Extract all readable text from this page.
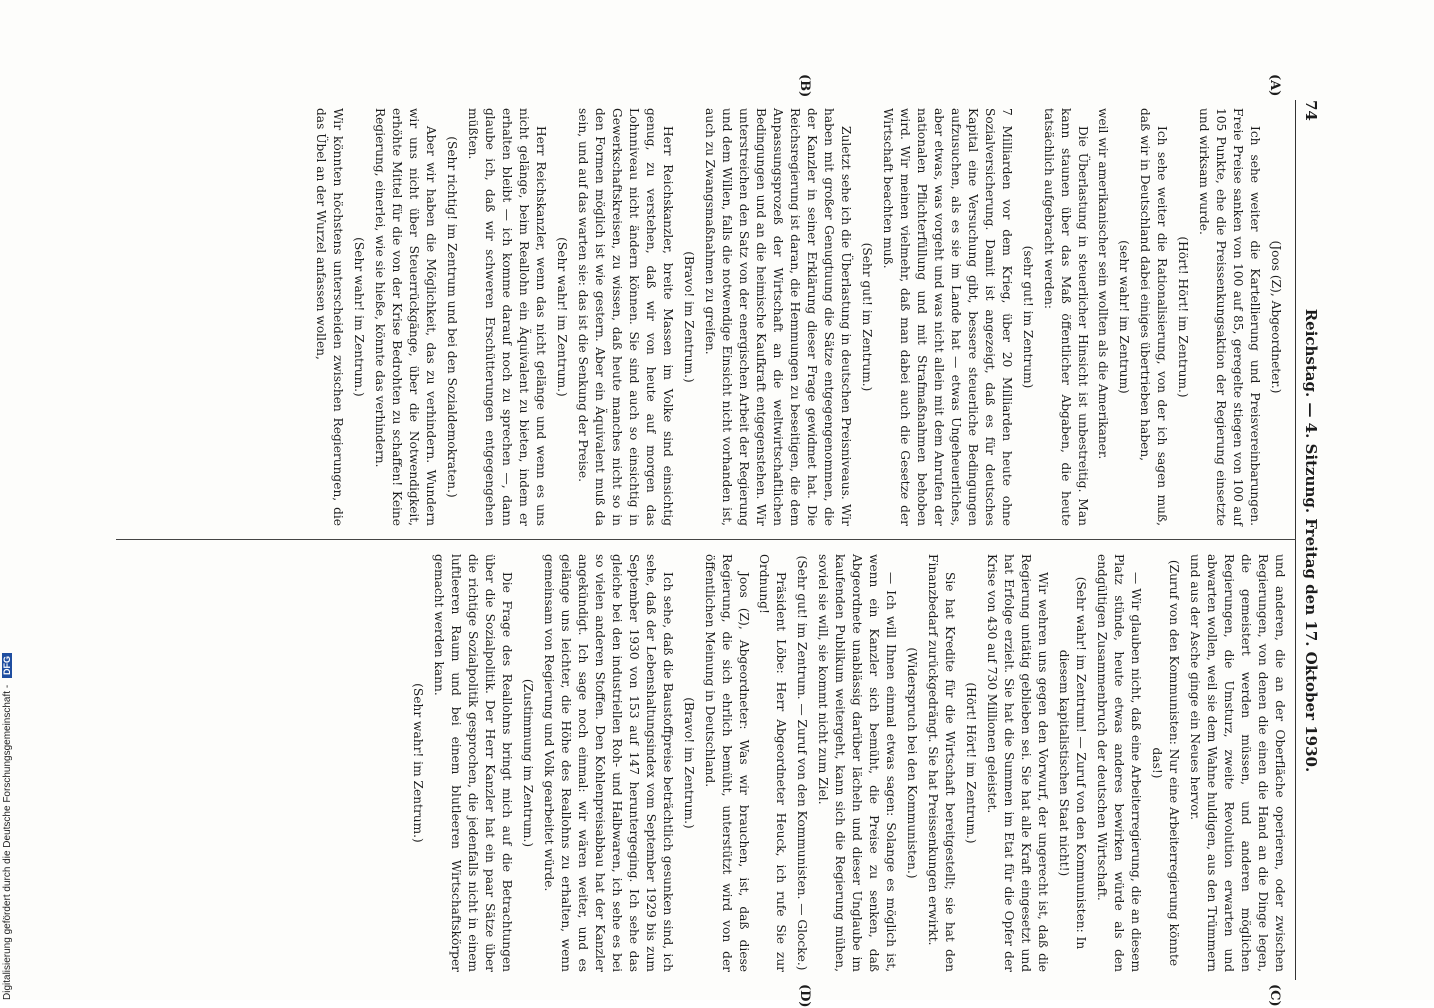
74
Reichstag. — 4. Sitzung. Freitag den 17. Oktober 1930.
(A)
(B)
(C)
(D)

(Joos (Z), Abgeordneter.)

Ich sehe weiter die Kartellierung und Preisvereinbarungen. Freie Preise sanken von 100 auf 85, geregelte stiegen von 100 auf 105 Punkte, ehe die Preissenkungsaktion der Regierung einsetzte und wirksam wurde.

(Hört! Hört! im Zentrum.)

Ich sehe weiter die Rationalisierung, von der ich sagen muß, daß wir in Deutschland dabei einiges übertrieben haben,

(sehr wahr! im Zentrum)

weil wir amerikanischer sein wollten als die Amerikaner.

Die Überlastung in steuerlicher Hinsicht ist unbestreitig. Man kann staunen über das Maß öffentlicher Abgaben, die heute tatsächlich aufgebracht werden:

(sehr gut! im Zentrum)

7 Milliarden vor dem Krieg, über 20 Milliarden heute ohne Sozialversicherung. Damit ist angezeigt, daß es für deutsches Kapital eine Versuchung gibt, bessere steuerliche Bedingungen aufzusuchen, als es sie im Lande hat — etwas Ungeheuerliches, aber etwas, was vorgeht und was nicht allein mit dem Anrufen der nationalen Pflichterfüllung und mit Strafmaßnahmen behoben wird. Wir meinen vielmehr, daß man dabei auch die Gesetze der Wirtschaft beachten muß.

(Sehr gut! im Zentrum.)

Zuletzt sehe ich die Überlastung in deutschen Preisniveaus. Wir haben mit großer Genugtuung die Sätze entgegengenommen, die der Kanzler in seiner Erklärung dieser Frage gewidmet hat. Die Reichsregierung ist daran, die Hemmungen zu beseitigen, die dem Anpassungsprozeß der Wirtschaft an die weltwirtschaftlichen Bedingungen und an die heimische Kaufkraft entgegenstehen. Wir unterstreichen den Satz von der energischen Arbeit der Regierung und dem Willen, falls die notwendige Einsicht nicht vorhanden ist, auch zu Zwangsmaßnahmen zu greifen.

(Bravo! im Zentrum.)

Herr Reichskanzler, breite Massen im Volke sind einsichtig genug, zu verstehen, daß wir von heute auf morgen das Lohnniveau nicht ändern können. Sie sind auch so einsichtig in Gewerkschaftskreisen, zu wissen, daß heute manches nicht so in den Formen möglich ist wie gestern. Aber ein Äquivalent muß da sein, und auf das warten sie: das ist die Senkung der Preise.

(Sehr wahr! im Zentrum.)

Herr Reichskanzler, wenn das nicht gelänge und wenn es uns nicht gelänge, beim Reallohn ein Äquivalent zu bieten, indem er erhalten bleibt — ich komme darauf noch zu sprechen —, dann glaube ich, daß wir schweren Erschütterungen entgegengehen müßten.

(Sehr richtig! im Zentrum und bei den Sozialdemokraten.)

Aber wir haben die Möglichkeit, das zu verhindern. Wundern wir uns nicht über Steuerrückgänge, über die Notwendigkeit, erhöhte Mittel für die von der Krise Bedrohten zu schaffen! Keine Regierung, einerlei, wie sie hieße, könnte das verhindern.

(Sehr wahr! im Zentrum.)

Wir könnten höchstens unterscheiden zwischen Regierungen, die das Übel an der Wurzel anfassen wollen,

und anderen, die an der Oberfläche operieren, oder zwischen Regierungen, von denen die einen die Hand an die Dinge legen, die gemeistert werden müssen, und anderen möglichen Regierungen, die Umsturz, zweite Revolution erwarten und abwarten wollen, weil sie dem Wahne huldigen, aus den Trümmern und aus der Asche ginge ein Neues hervor.

(Zuruf von den Kommunisten: Nur eine Arbeiterregierung könnte das!)

— Wir glauben nicht, daß eine Arbeiterregierung, die an diesem Platz stünde, heute etwas anderes bewirken würde als den endgültigen Zusammenbruch der deutschen Wirtschaft.

(Sehr wahr! im Zentrum! — Zuruf von den Kommunisten: In diesem kapitalistischen Staat nicht!)

Wir wehren uns gegen den Vorwurf, der ungerecht ist, daß die Regierung untätig geblieben sei. Sie hat alle Kraft eingesetzt und hat Erfolge erzielt. Sie hat die Summen im Etat für die Opfer der Krise von 430 auf 730 Millionen geleistet.

(Hört! Hört! im Zentrum.)

Sie hat Kredite für die Wirtschaft bereitgestellt; sie hat den Finanzbedarf zurückgedrängt. Sie hat Preissenkungen erwirkt.

(Widerspruch bei den Kommunisten.)

— Ich will Ihnen einmal etwas sagen: Solange es möglich ist, wenn ein Kanzler sich bemüht, die Preise zu senken, daß Abgeordnete unablässig darüber lächeln und dieser Unglaube im kaufenden Publikum weitergeht, kann sich die Regierung mühen, soviel sie will, sie kommt nicht zum Ziel.

(Sehr gut! im Zentrum. — Zuruf von den Kommunisten. — Glocke.)

Präsident Löbe: Herr Abgeordneter Heuck, ich rufe Sie zur Ordnung!

Joos (Z), Abgeordneter: Was wir brauchen, ist, daß diese Regierung, die sich ehrlich bemüht, unterstützt wird von der öffentlichen Meinung in Deutschland.

(Bravo! im Zentrum.)

Ich sehe, daß die Baustoffpreise beträchtlich gesunken sind, ich sehe, daß der Lebenshaltungsindex vom September 1929 bis zum September 1930 von 153 auf 147 heruntergeging. Ich sehe das gleiche bei den industriellen Roh- und Halbwaren, ich sehe es bei so vielen anderen Stoffen. Den Kohlenpreisabbau hat der Kanzler angekündigt. Ich sage noch einmal: wir wären weiter, und es gelänge uns leichter, die Höhe des Reallohns zu erhalten, wenn gemeinsam von Regierung und Volk gearbeitet würde.

(Zustimmung im Zentrum.)

Die Frage des Reallohns bringt mich auf die Betrachtungen über die Sozialpolitik. Der Herr Kanzler hat ein paar Sätze über die richtige Sozialpolitik gesprochen, die jedenfalls nicht in einem luftleeren Raum und bei einem blutleeren Wirtschaftskörper gemacht werden kann.

(Sehr wahr! im Zentrum.)

Digitalisierung gefördert durch die Deutsche Forschungsgemeinschaft - DFG
